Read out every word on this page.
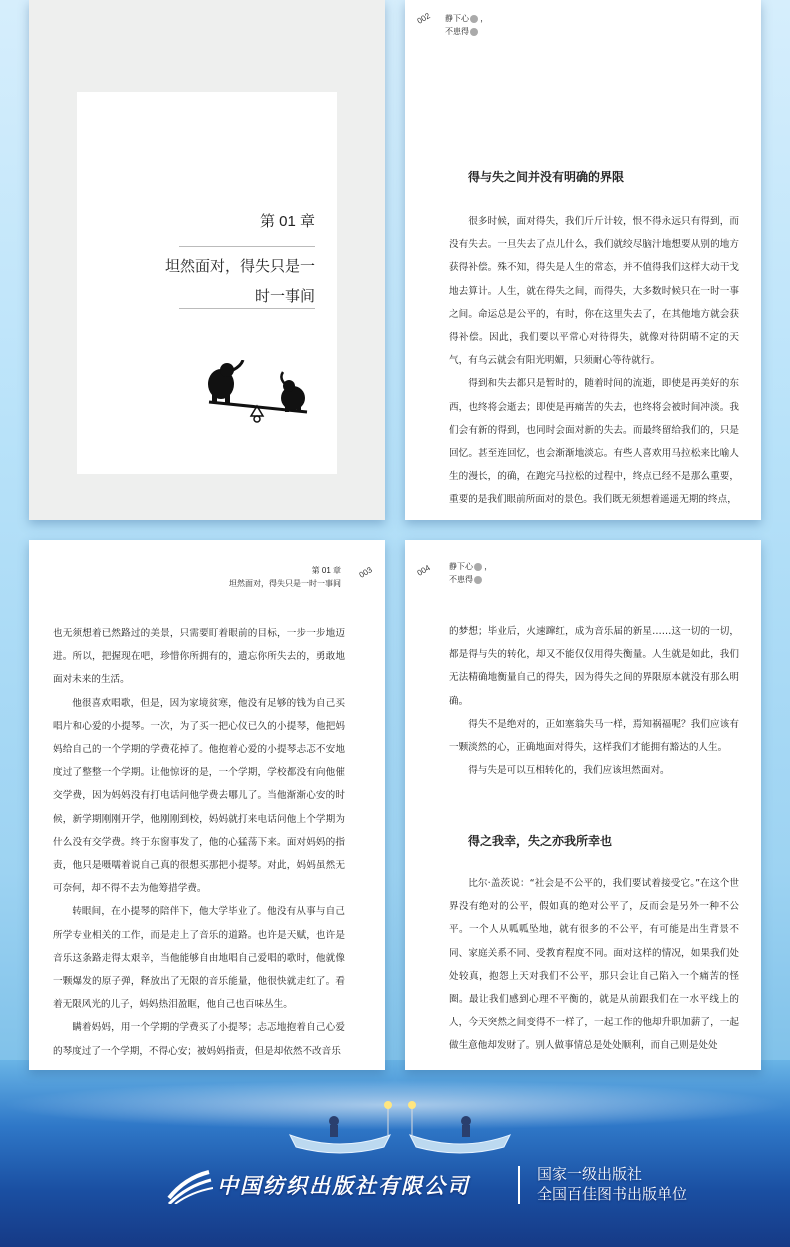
第 01 章
坦然面对，得失只是一时一事间
002 静下心 ，
不患得
得与失之间并没有明确的界限

很多时候，面对得失，我们斤斤计较，恨不得永远只有得到，而没有失去。一旦失去了点儿什么，我们就绞尽脑汁地想要从别的地方获得补偿。殊不知，得失是人生的常态，并不值得我们这样大动干戈地去算计。人生，就在得失之间，而得失，大多数时候只在一时一事之间。命运总是公平的，有时，你在这里失去了，在其他地方就会获得补偿。因此，我们要以平常心对待得失，就像对待阴晴不定的天气，有乌云就会有阳光明媚，只须耐心等待就行。

得到和失去都只是暂时的，随着时间的流逝，即使是再美好的东西，也终将会逝去；即使是再痛苦的失去，也终将会被时间冲淡。我们会有新的得到，也同时会面对新的失去。而最终留给我们的，只是回忆。甚至连回忆，也会渐渐地淡忘。有些人喜欢用马拉松来比喻人生的漫长，的确，在跑完马拉松的过程中，终点已经不是那么重要，重要的是我们眼前所面对的景色。我们既无须想着遥遥无期的终点，

第 01 章
坦然面对，得失只是一时一事间
003

也无须想着已然路过的美景，只需要盯着眼前的目标，一步一步地迈进。所以，把握现在吧，珍惜你所拥有的，遗忘你所失去的，勇敢地面对未来的生活。

他很喜欢唱歌，但是，因为家境贫寒，他没有足够的钱为自己买唱片和心爱的小提琴。一次，为了买一把心仪已久的小提琴，他把妈妈给自己的一个学期的学费花掉了。他抱着心爱的小提琴忐忑不安地度过了整整一个学期。让他惊讶的是，一个学期，学校都没有向他催交学费，因为妈妈没有打电话问他学费去哪儿了。当他渐渐心安的时候，新学期刚刚开学，他刚刚到校，妈妈就打来电话问他上个学期为什么没有交学费。终于东窗事发了，他的心猛荡下来。面对妈妈的指责，他只是嗫嚅着说自己真的很想买那把小提琴。对此，妈妈虽然无可奈何，却不得不去为他筹措学费。

转眼间，在小提琴的陪伴下，他大学毕业了。他没有从事与自己所学专业相关的工作，而是走上了音乐的道路。也许是天赋，也许是音乐这条路走得太艰辛，当他能够自由地唱自己爱唱的歌时，他就像一颗爆发的原子弹，释放出了无限的音乐能量，他很快就走红了。看着无限风光的儿子，妈妈热泪盈眶，他自己也百味丛生。

瞒着妈妈，用一个学期的学费买了小提琴；忐忑地抱着自己心爱的琴度过了一个学期，不得心安；被妈妈指责，但是却依然不改音乐

004 静下心 ，
不患得

的梦想；毕业后，火速蹿红，成为音乐届的新星……这一切的一切，都是得与失的转化，却又不能仅仅用得失衡量。人生就是如此，我们无法精确地衡量自己的得失，因为得失之间的界限原本就没有那么明确。

得失不是绝对的，正如塞翁失马一样，焉知祸福呢？我们应该有一颗淡然的心，正确地面对得失，这样我们才能拥有豁达的人生。

得与失是可以互相转化的，我们应该坦然面对。

得之我幸，失之亦我所幸也

比尔·盖茨说：“社会是不公平的，我们要试着接受它。”在这个世界没有绝对的公平，假如真的绝对公平了，反而会是另外一种不公平。一个人从呱呱坠地，就有很多的不公平，有可能是出生背景不同、家庭关系不同、受教育程度不同。面对这样的情况，如果我们处处较真，抱怨上天对我们不公平，那只会让自己陷入一个痛苦的怪圈。最让我们感到心理不平衡的，就是从前跟我们在一水平线上的人，今天突然之间变得不一样了，一起工作的他却升职加薪了，一起做生意他却发财了。别人做事情总是处处顺利，而自己则是处处

中国纺织出版社有限公司	国家一级出版社
全国百佳图书出版单位
